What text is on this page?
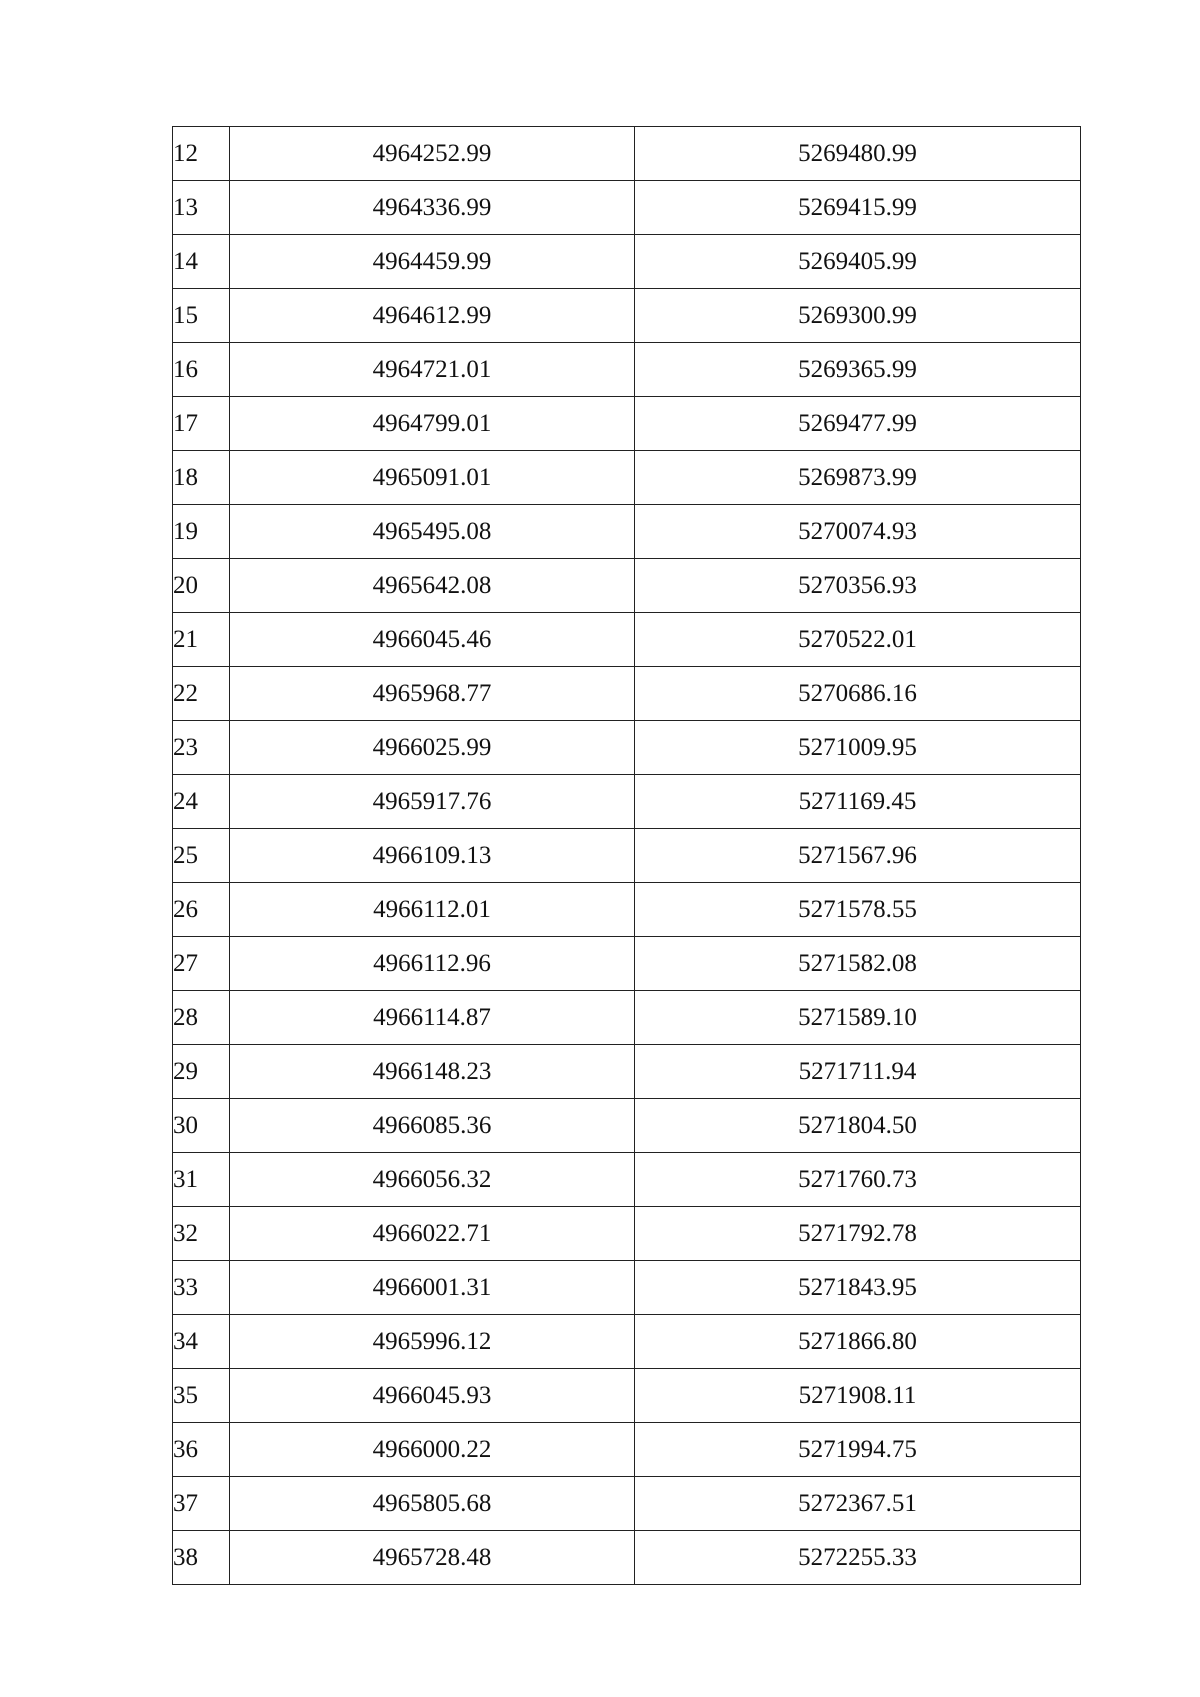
12	4964252.99	5269480.99
13	4964336.99	5269415.99
14	4964459.99	5269405.99
15	4964612.99	5269300.99
16	4964721.01	5269365.99
17	4964799.01	5269477.99
18	4965091.01	5269873.99
19	4965495.08	5270074.93
20	4965642.08	5270356.93
21	4966045.46	5270522.01
22	4965968.77	5270686.16
23	4966025.99	5271009.95
24	4965917.76	5271169.45
25	4966109.13	5271567.96
26	4966112.01	5271578.55
27	4966112.96	5271582.08
28	4966114.87	5271589.10
29	4966148.23	5271711.94
30	4966085.36	5271804.50
31	4966056.32	5271760.73
32	4966022.71	5271792.78
33	4966001.31	5271843.95
34	4965996.12	5271866.80
35	4966045.93	5271908.11
36	4966000.22	5271994.75
37	4965805.68	5272367.51
38	4965728.48	5272255.33
